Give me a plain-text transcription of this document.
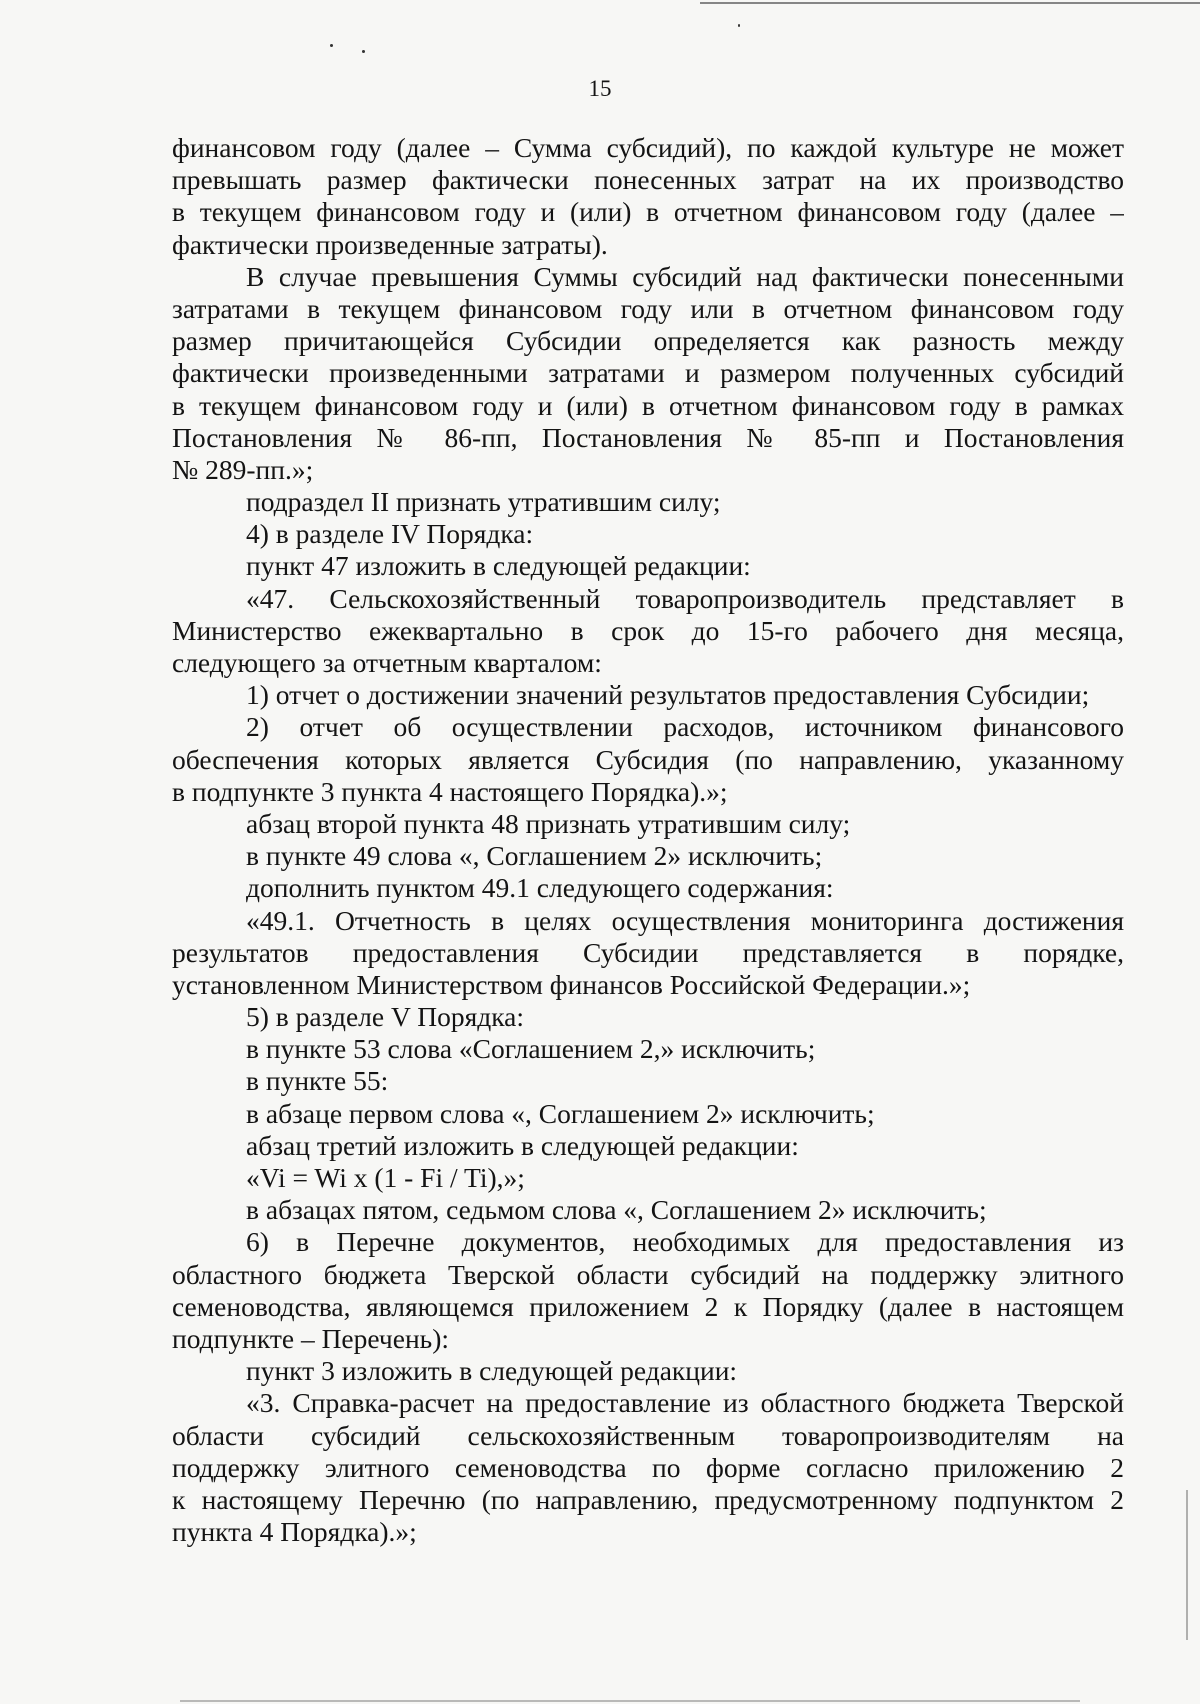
15
финансовом году (далее – Сумма субсидий), по каждой культуре не может
превышать размер фактически понесенных затрат на их производство
в текущем финансовом году и (или) в отчетном финансовом году (далее –
фактически произведенные затраты).
В случае превышения Суммы субсидий над фактически понесенными
затратами в текущем финансовом году или в отчетном финансовом году
размер причитающейся Субсидии определяется как разность между
фактически произведенными затратами и размером полученных субсидий
в текущем финансовом году и (или) в отчетном финансовом году в рамках
Постановления № 86-пп, Постановления № 85-пп и Постановления
№ 289-пп.»;
подраздел II признать утратившим силу;
4) в разделе IV Порядка:
пункт 47 изложить в следующей редакции:
«47. Сельскохозяйственный товаропроизводитель представляет в
Министерство ежеквартально в срок до 15-го рабочего дня месяца,
следующего за отчетным кварталом:
1) отчет о достижении значений результатов предоставления Субсидии;
2) отчет об осуществлении расходов, источником финансового
обеспечения которых является Субсидия (по направлению, указанному
в подпункте 3 пункта 4 настоящего Порядка).»;
абзац второй пункта 48 признать утратившим силу;
в пункте 49 слова «, Соглашением 2» исключить;
дополнить пунктом 49.1 следующего содержания:
«49.1. Отчетность в целях осуществления мониторинга достижения
результатов предоставления Субсидии представляется в порядке,
установленном Министерством финансов Российской Федерации.»;
5) в разделе V Порядка:
в пункте 53 слова «Соглашением 2,» исключить;
в пункте 55:
в абзаце первом слова «, Соглашением 2» исключить;
абзац третий изложить в следующей редакции:
«Vi = Wi x (1 - Fi / Ti),»;
в абзацах пятом, седьмом слова «, Соглашением 2» исключить;
6) в Перечне документов, необходимых для предоставления из
областного бюджета Тверской области субсидий на поддержку элитного
семеноводства, являющемся приложением 2 к Порядку (далее в настоящем
подпункте – Перечень):
пункт 3 изложить в следующей редакции:
«3. Справка-расчет на предоставление из областного бюджета Тверской
области субсидий сельскохозяйственным товаропроизводителям на
поддержку элитного семеноводства по форме согласно приложению 2
к настоящему Перечню (по направлению, предусмотренному подпунктом 2
пункта 4 Порядка).»;
